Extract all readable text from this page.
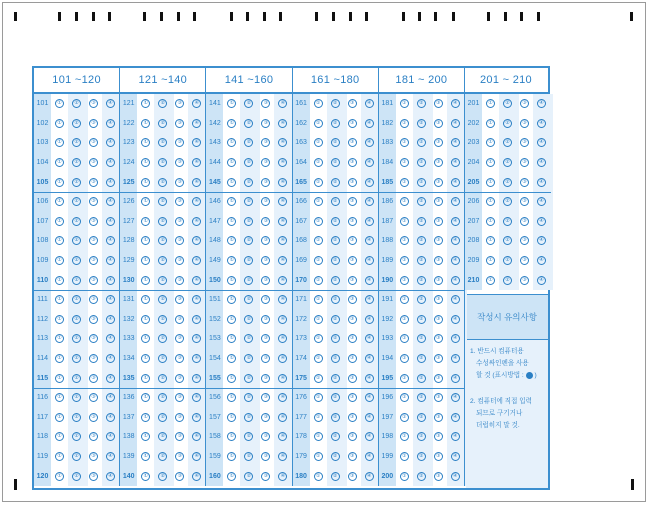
작성시 유의사항
1. 반드시 컴퓨터용
수성싸인펜을 사용
할 것 (표시방법 : )
2. 컴퓨터에 직접 입력
되므로 구기거나
더럽히지 말 것.
101 ~120
101	①	②	③	④
102	①	②	③	④
103	①	②	③	④
104	①	②	③	④
105	①	②	③	④
106	①	②	③	④
107	①	②	③	④
108	①	②	③	④
109	①	②	③	④
110	①	②	③	④
111	①	②	③	④
112	①	②	③	④
113	①	②	③	④
114	①	②	③	④
115	①	②	③	④
116	①	②	③	④
117	①	②	③	④
118	①	②	③	④
119	①	②	③	④
120	①	②	③	④
121 ~140
121	①	②	③	④
122	①	②	③	④
123	①	②	③	④
124	①	②	③	④
125	①	②	③	④
126	①	②	③	④
127	①	②	③	④
128	①	②	③	④
129	①	②	③	④
130	①	②	③	④
131	①	②	③	④
132	①	②	③	④
133	①	②	③	④
134	①	②	③	④
135	①	②	③	④
136	①	②	③	④
137	①	②	③	④
138	①	②	③	④
139	①	②	③	④
140	①	②	③	④
141 ~160
141	①	②	③	④
142	①	②	③	④
143	①	②	③	④
144	①	②	③	④
145	①	②	③	④
146	①	②	③	④
147	①	②	③	④
148	①	②	③	④
149	①	②	③	④
150	①	②	③	④
151	①	②	③	④
152	①	②	③	④
153	①	②	③	④
154	①	②	③	④
155	①	②	③	④
156	①	②	③	④
157	①	②	③	④
158	①	②	③	④
159	①	②	③	④
160	①	②	③	④
161 ~180
161	①	②	③	④
162	①	②	③	④
163	①	②	③	④
164	①	②	③	④
165	①	②	③	④
166	①	②	③	④
167	①	②	③	④
168	①	②	③	④
169	①	②	③	④
170	①	②	③	④
171	①	②	③	④
172	①	②	③	④
173	①	②	③	④
174	①	②	③	④
175	①	②	③	④
176	①	②	③	④
177	①	②	③	④
178	①	②	③	④
179	①	②	③	④
180	①	②	③	④
181 ~ 200
181	①	②	③	④
182	①	②	③	④
183	①	②	③	④
184	①	②	③	④
185	①	②	③	④
186	①	②	③	④
187	①	②	③	④
188	①	②	③	④
189	①	②	③	④
190	①	②	③	④
191	①	②	③	④
192	①	②	③	④
193	①	②	③	④
194	①	②	③	④
195	①	②	③	④
196	①	②	③	④
197	①	②	③	④
198	①	②	③	④
199	①	②	③	④
200	①	②	③	④
201 ~ 210
201	①	②	③	④
202	①	②	③	④
203	①	②	③	④
204	①	②	③	④
205	①	②	③	④
206	①	②	③	④
207	①	②	③	④
208	①	②	③	④
209	①	②	③	④
210	①	②	③	④
